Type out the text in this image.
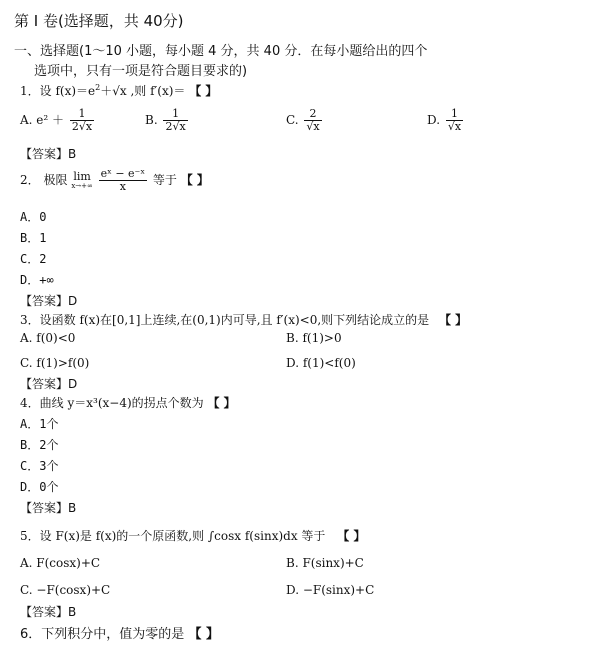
第 I 卷(选择题，共 40分)
一、选择题(1～10 小题，每小题 4 分，共 40 分．在每小题给出的四个
选项中，只有一项是符合题目要求的)
1．设 $f(x)=e^2+√x$ ,则 f′(x)＝ 【 】
A. $e^2 + \frac{1}{2√x}$	B. $\frac{1}{2√x}$	C. $\frac{2}{√x}$	D. $\frac{1}{√x}$
【答案】B
2． 极限 lim
x→+∞
$\frac{\text{eˣ − e⁻ˣ}}{x}$ 等于 【 】
A．0
B．1
C．2
D．+∞
【答案】D
3．设函数 f(x)在[0,1]上连续,在(0,1)内可导,且 f′(x)<0,则下列结论成立的是 【 】
A. f(0)<0	B. f(1)>0
C. f(1)>f(0)	D. f(1)<f(0)
【答案】D
4．曲线 y＝x³(x−4)的拐点个数为 【 】
A．1个
B．2个
C．3个
D．0个
【答案】B
5．设 F(x)是 f(x)的一个原函数,则 ∫cosx f(sinx)dx 等于 【 】
A. F(cosx)+C	B. F(sinx)+C
C. −F(cosx)+C	D. −F(sinx)+C
【答案】B
6．下列积分中，值为零的是 【 】
